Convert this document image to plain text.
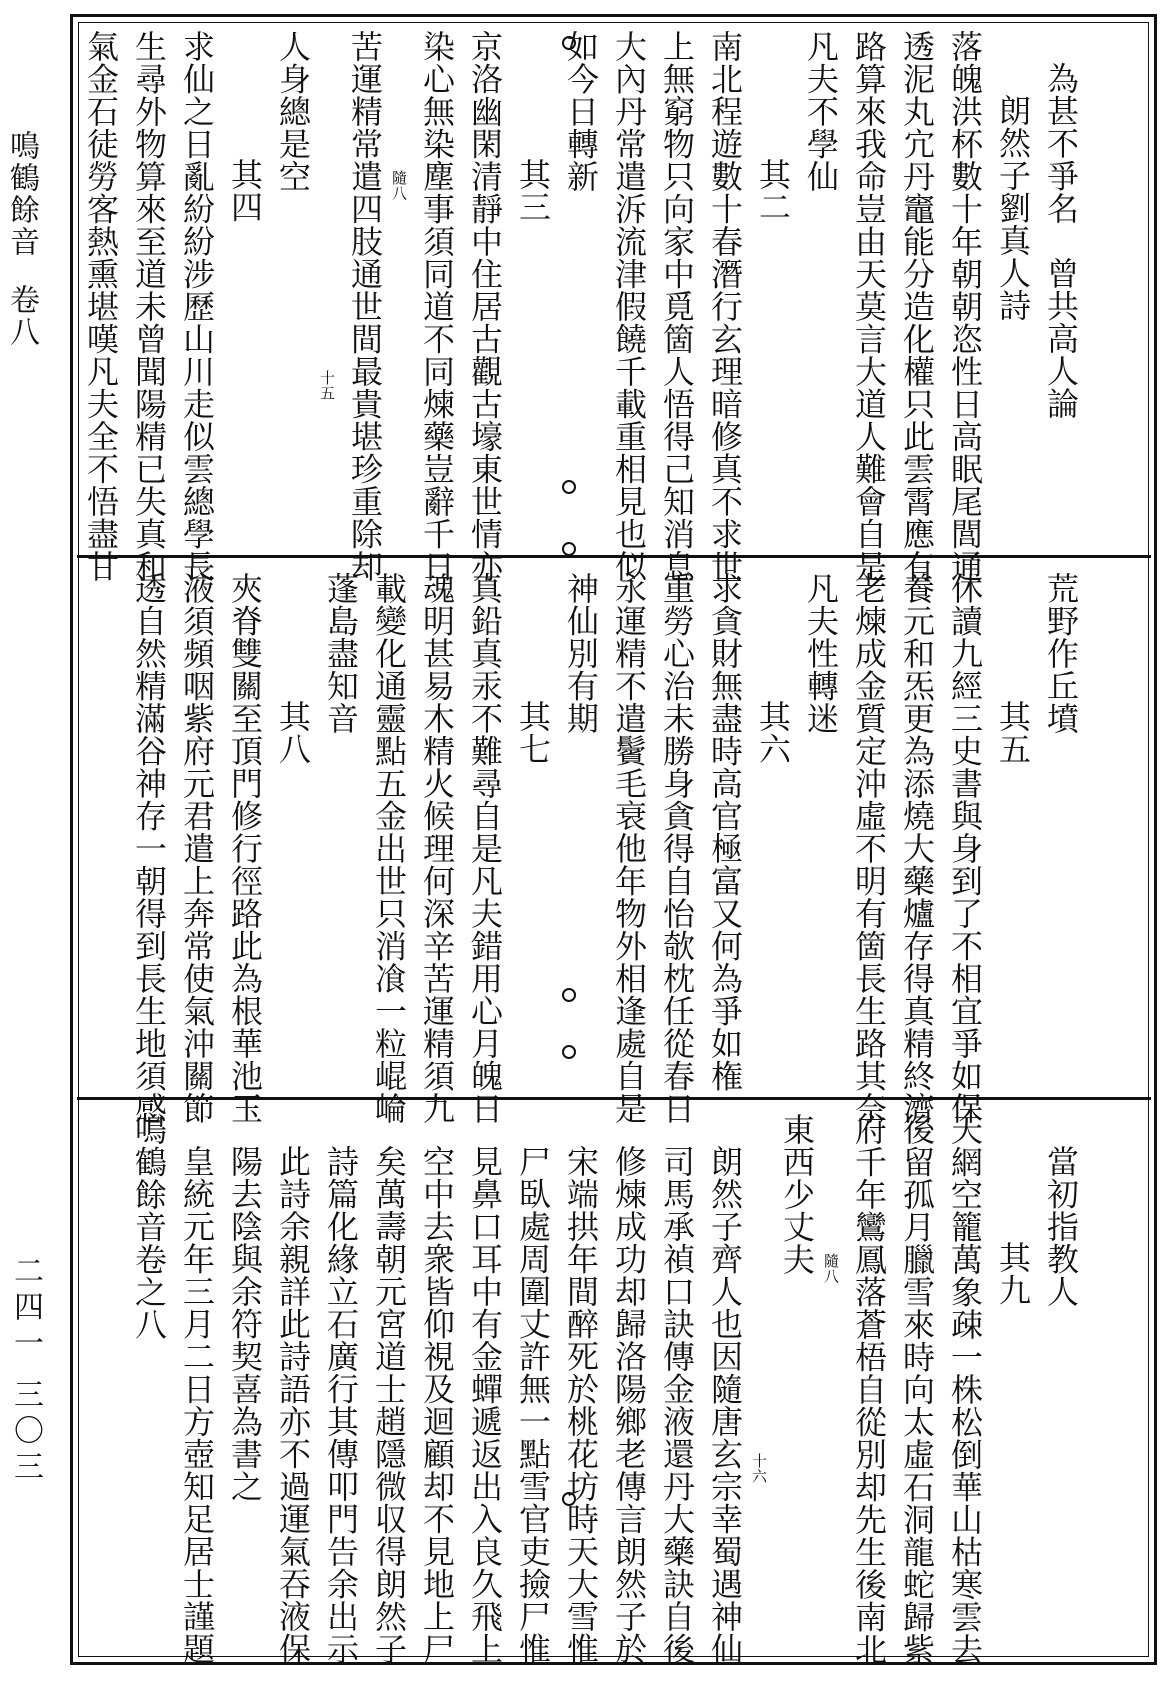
鳴鶴餘音卷八
二四一 三〇三
為甚不爭名　曾共高人論
朗然子劉真人詩
落魄洪杯數十年朝朝恣性日高眠尾閭通
透泥丸宂丹竈能分造化權只此雲霄應有
路算來我命豈由天莫言大道人難會自是
凡夫不學仙
其二
南北程遊數十春潛行玄理暗修真不求世
上無窮物只向家中覓箇人悟得己知消息
大內丹常遣泝流津假饒千載重相見也似
如今日轉新
其三
京洛幽閑清靜中住居古觀古壕東世情亦
染心無染塵事須同道不同煉藥豈辭千日
隨八
苦運精常遣四肢通世間最貴堪珍重除却
十五
人身總是空
其四
求仙之日亂紛紛涉歷山川走似雲總學長
生尋外物算來至道未曾聞陽精已失真和
氣金石徒勞客熱熏堪嘆凡夫全不悟盡甘
荒野作丘墳
其五
休讀九經三史書與身到了不相宜爭如保
養元和炁更為添燒大藥爐存得真精終濟
老煉成金質定沖虛不明有箇長生路其奈
凡夫性轉迷
其六
求貪財無盡時高官極富又何為爭如権
重勞心治未勝身貪得自怡欹枕任從春日
永運精不遣鬢毛衰他年物外相逢處自是
神仙別有期
其七
真鉛真汞不難尋自是凡夫錯用心月魄日
魂明甚易木精火候理何深辛苦運精須九
載變化通靈點五金出世只消飡一粒崐崘
蓬島盡知音
其八
夾脊雙關至頂門修行徑路此為根華池玉
液須頻咽紫府元君遣上奔常使氣沖關節
透自然精滿谷神存一朝得到長生地須感
當初指教人
其九
天網空籠萬象疎一株松倒華山枯寒雲去
後留孤月臘雪來時向太虛石洞龍蛇歸紫
府千年鸞鳳落蒼梧自從別却先生後南北
隨八
東西少丈夫
十六
朗然子齊人也因隨唐玄宗幸蜀遇神仙
司馬承禎口訣傳金液還丹大藥訣自後
修煉成功却歸洛陽鄉老傳言朗然子於
宋端拱年間醉死於桃花坊時天大雪惟
尸臥處周圍丈許無一點雪官吏撿尸惟
見鼻口耳中有金蟬遞返出入良久飛上
空中去衆皆仰視及迴顧却不見地上尸
矣萬壽朝元宮道士趙隱微収得朗然子
詩篇化緣立石廣行其傳叩門告余出示
此詩余親詳此詩語亦不過運氣吞液保
陽去陰與余符契喜為書之
皇統元年三月二日方壺知足居士謹題
鳴鶴餘音卷之八
